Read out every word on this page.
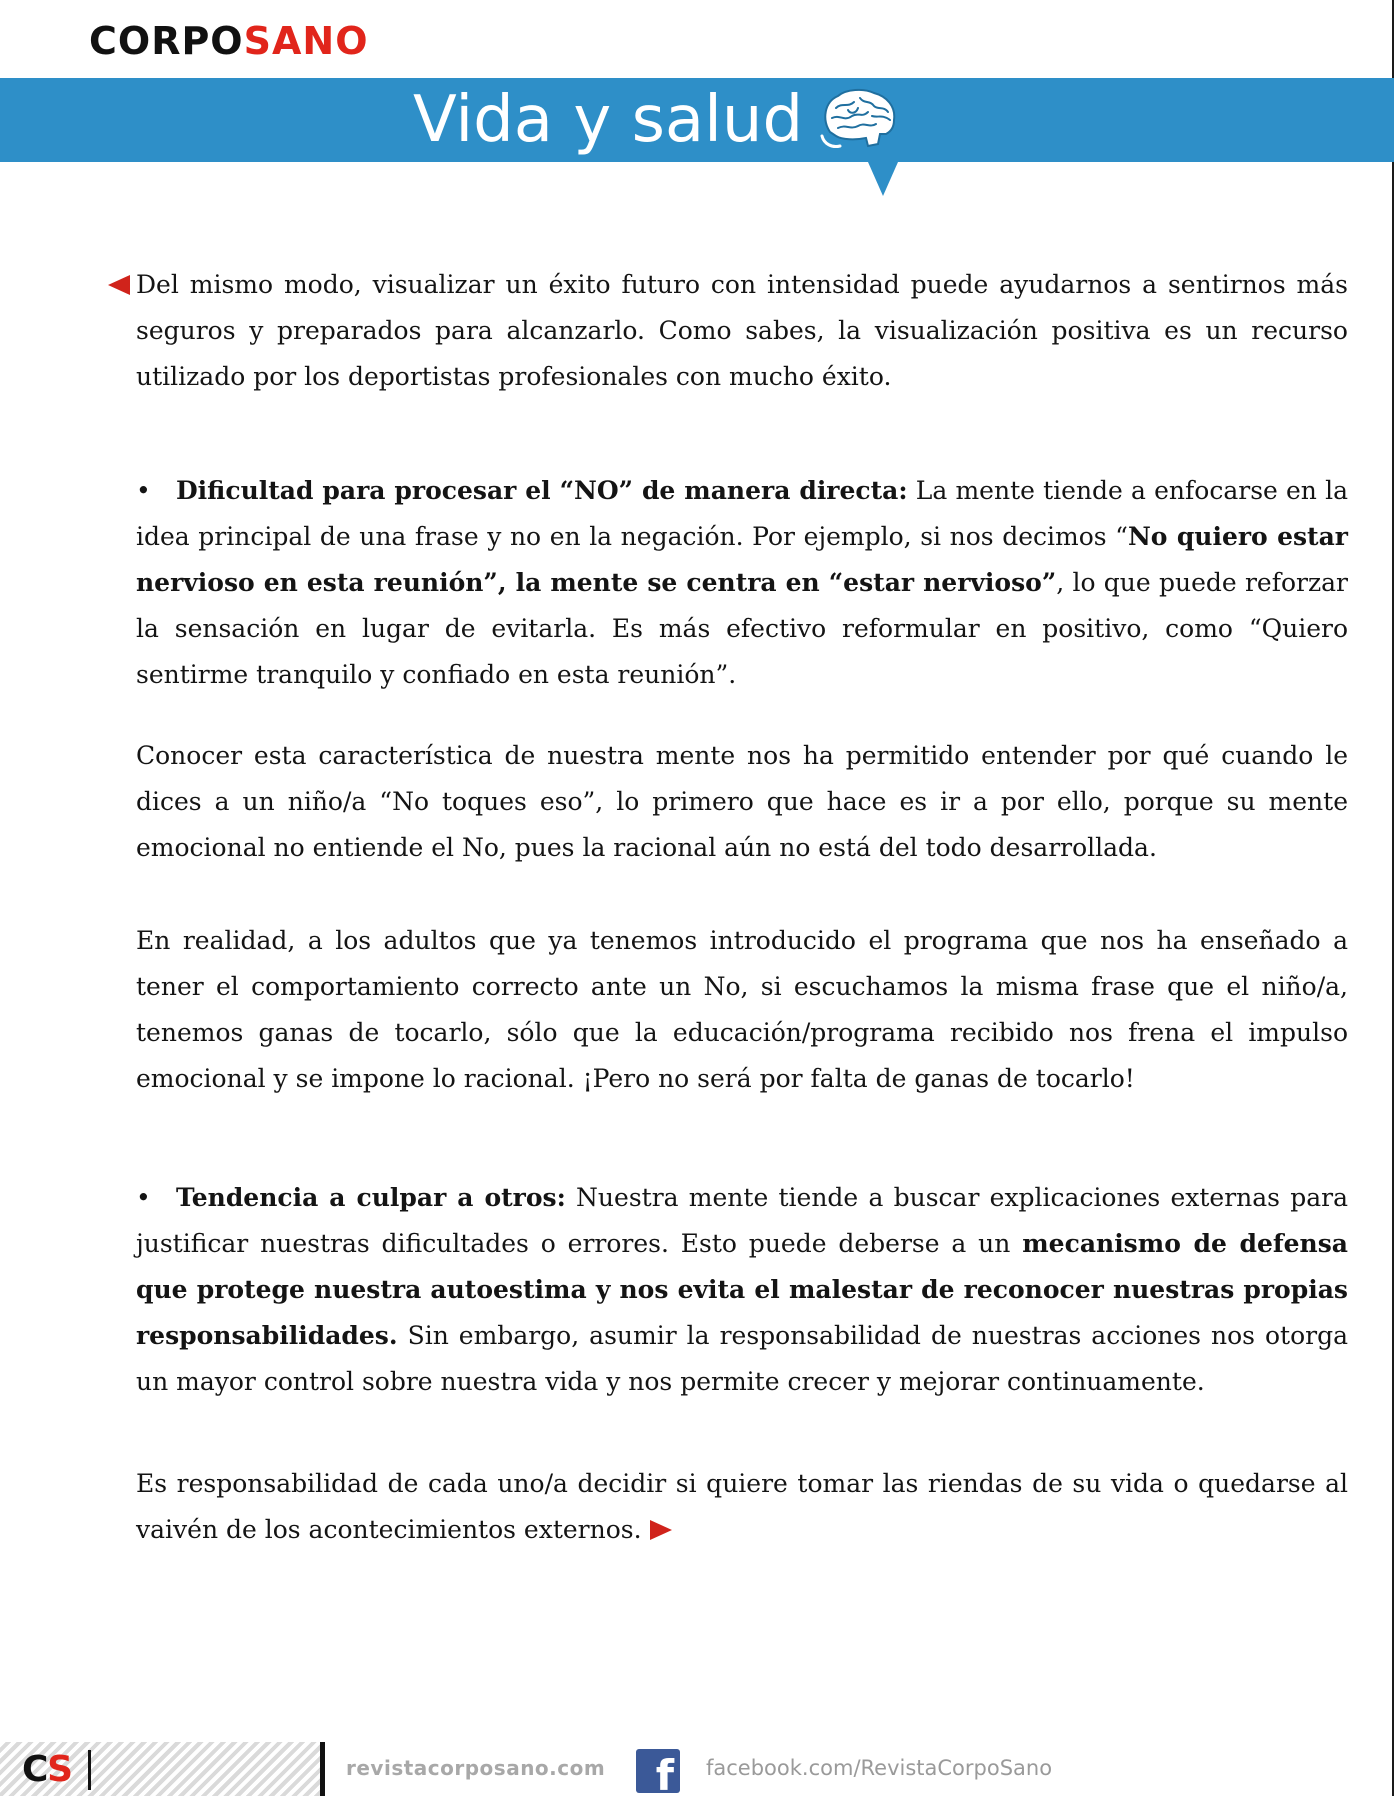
CORPOSANO
Vida y salud

Del mismo modo, visualizar un éxito futuro con intensidad puede ayudarnos a sentirnos más seguros y preparados para alcanzarlo. Como sabes, la visualización positiva es un recurso utilizado por los deportistas profesionales con mucho éxito.

• Dificultad para procesar el “NO” de manera directa: La mente tiende a enfocarse en la idea principal de una frase y no en la negación. Por ejemplo, si nos decimos “No quiero estar nervioso en esta reunión”, la mente se centra en “estar nervioso”, lo que puede reforzar la sensación en lugar de evitarla. Es más efectivo reformular en positivo, como “Quiero sentirme tranquilo y confiado en esta reunión”.

Conocer esta característica de nuestra mente nos ha permitido entender por qué cuando le dices a un niño/a “No toques eso”, lo primero que hace es ir a por ello, porque su mente emocional no entiende el No, pues la racional aún no está del todo desarrollada.

En realidad, a los adultos que ya tenemos introducido el programa que nos ha enseñado a tener el comportamiento correcto ante un No, si escuchamos la misma frase que el niño/a, tenemos ganas de tocarlo, sólo que la educación/programa recibido nos frena el impulso emocional y se impone lo racional. ¡Pero no será por falta de ganas de tocarlo!

• Tendencia a culpar a otros: Nuestra mente tiende a buscar explicaciones externas para justificar nuestras dificultades o errores. Esto puede deberse a un mecanismo de defensa que protege nuestra autoestima y nos evita el malestar de reconocer nuestras propias responsabilidades. Sin embargo, asumir la responsabilidad de nuestras acciones nos otorga un mayor control sobre nuestra vida y nos permite crecer y mejorar continuamente.

Es responsabilidad de cada uno/a decidir si quiere tomar las riendas de su vida o quedarse al vaivén de los acontecimientos externos.

CS	revistacorposano.com f facebook.com/RevistaCorpoSano
